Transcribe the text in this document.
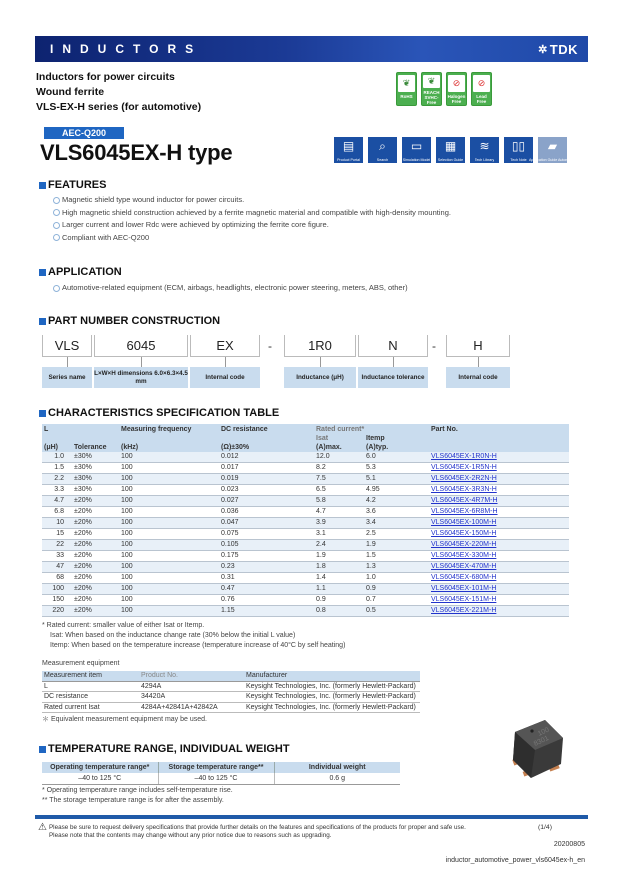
INDUCTORS	✲ TDK
Inductors for power circuits
Wound ferrite
VLS-EX-H series (for automotive)
❦
RoHS
❦
REACH SVHC-Free
⊘
Halogen Free
⊘
Lead Free
AEC-Q200
VLS6045EX-H type	▤
Product Portal
⌕
Search
▭
Simulation Model
▦
Selection Guide
≋
Tech Library
▯▯
Tech Note
▰
Application Guide Automotive
FEATURES
Magnetic shield type wound inductor for power circuits.
High magnetic shield construction achieved by a ferrite magnetic material and compatible with high-density mounting.
Larger current and lower Rdc were achieved by optimizing the ferrite core figure.
Compliant with AEC-Q200
APPLICATION
Automotive-related equipment (ECM, airbags, headlights, electronic power steering, meters, ABS, other)
PART NUMBER CONSTRUCTION
VLS	6045	EX	-	1R0	N	-	H
Series name
L×W×H dimensions 6.0×6.3×4.5 mm
Internal code	Inductance (μH)	Inductance tolerance	Internal code
CHARACTERISTICS SPECIFICATION TABLE
L		Measuring frequency	DC resistance	Rated current*		Part No.
				Isat	Itemp	
(μH)	Tolerance	(kHz)	(Ω)±30%	(A)max.	(A)typ.	
1.0	±30%	100	0.012	12.0	6.0	VLS6045EX-1R0N-H
1.5	±30%	100	0.017	8.2	5.3	VLS6045EX-1R5N-H
2.2	±30%	100	0.019	7.5	5.1	VLS6045EX-2R2N-H
3.3	±30%	100	0.023	6.5	4.95	VLS6045EX-3R3N-H
4.7	±20%	100	0.027	5.8	4.2	VLS6045EX-4R7M-H
6.8	±20%	100	0.036	4.7	3.6	VLS6045EX-6R8M-H
10	±20%	100	0.047	3.9	3.4	VLS6045EX-100M-H
15	±20%	100	0.075	3.1	2.5	VLS6045EX-150M-H
22	±20%	100	0.105	2.4	1.9	VLS6045EX-220M-H
33	±20%	100	0.175	1.9	1.5	VLS6045EX-330M-H
47	±20%	100	0.23	1.8	1.3	VLS6045EX-470M-H
68	±20%	100	0.31	1.4	1.0	VLS6045EX-680M-H
100	±20%	100	0.47	1.1	0.9	VLS6045EX-101M-H
150	±20%	100	0.76	0.9	0.7	VLS6045EX-151M-H
220	±20%	100	1.15	0.8	0.5	VLS6045EX-221M-H
* Rated current: smaller value of either Isat or Itemp.
Isat: When based on the inductance change rate (30% below the initial L value)
Itemp: When based on the temperature increase (temperature increase of 40°C by self heating)
Measurement equipment
Measurement item	Product No.	Manufacturer
L	4294A	Keysight Technologies, Inc. (formerly Hewlett-Packard)
DC resistance	34420A	Keysight Technologies, Inc. (formerly Hewlett-Packard)
Rated current Isat	4284A+42841A+42842A	Keysight Technologies, Inc. (formerly Hewlett-Packard)
＊ Equivalent measurement equipment may be used.
TEMPERATURE RANGE, INDIVIDUAL WEIGHT
Operating temperature range*	Storage temperature range**	Individual weight
–40 to 125 °C	–40 to 125 °C	0.6 g
* Operating temperature range includes self-temperature rise.
** The storage temperature range is for after the assembly.
100
8301
⚠ Please be sure to request delivery specifications that provide further details on the features and specifications of the products for proper and safe use.
Please note that the contents may change without any prior notice due to reasons such as upgrading.
(1/4)
20200805
inductor_automotive_power_vls6045ex-h_en
